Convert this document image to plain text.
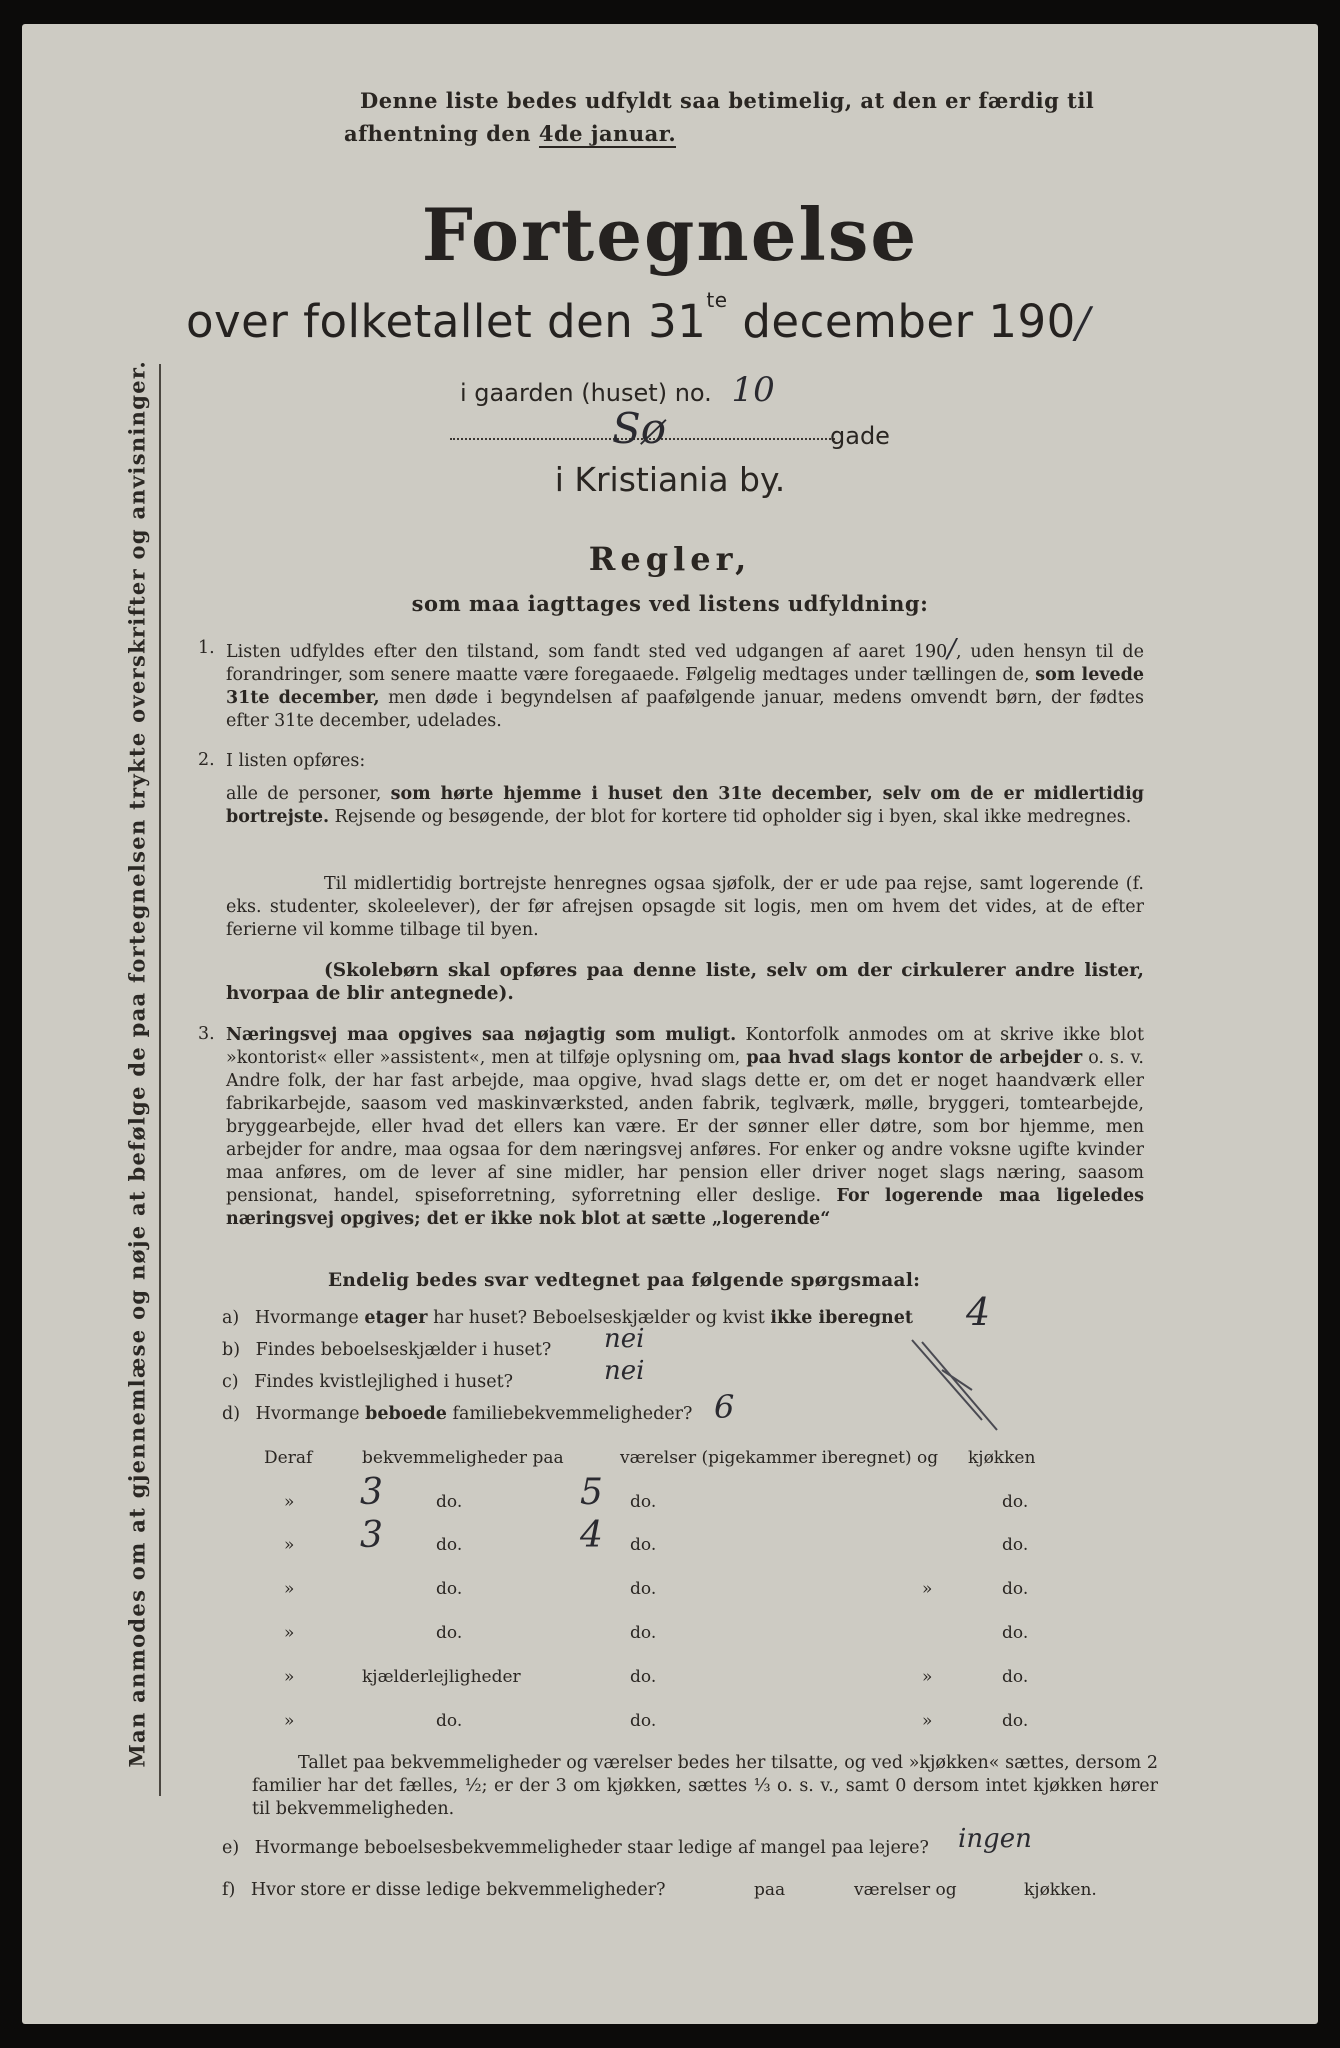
Man anmodes om at gjennemlæse og nøje at befølge de paa fortegnelsen trykte overskrifter og anvisninger.
Denne liste bedes udfyldt saa betimelig, at den er færdig til
afhentning den 4de januar.
Fortegnelse
over folketallet den $31^{te}$ december 190/
i gaarden (huset) no. 10
Sø	gade
i Kristiania by.
Regler,
som maa iagttages ved listens udfyldning:
1. Listen udfyldes efter den tilstand, som fandt sted ved udgangen af aaret 190/, uden hensyn til de forandringer, som senere maatte være foregaaede. Følgelig medtages under tællingen de, som levede 31te december, men døde i begyndelsen af paafølgende januar, medens omvendt børn, der fødtes efter 31te december, udelades.
2. I listen opføres:
alle de personer, som hørte hjemme i huset den 31te december, selv om de er midlertidig bortrejste. Rejsende og besøgende, der blot for kortere tid opholder sig i byen, skal ikke medregnes.
Til midlertidig bortrejste henregnes ogsaa sjøfolk, der er ude paa rejse, samt logerende (f. eks. studenter, skoleelever), der før afrejsen opsagde sit logis, men om hvem det vides, at de efter ferierne vil komme tilbage til byen.
(Skolebørn skal opføres paa denne liste, selv om der cirkulerer andre lister, hvorpaa de blir antegnede).
3. Næringsvej maa opgives saa nøjagtig som muligt. Kontorfolk anmodes om at skrive ikke blot »kontorist« eller »assistent«, men at tilføje oplysning om, paa hvad slags kontor de arbejder o. s. v. Andre folk, der har fast arbejde, maa opgive, hvad slags dette er, om det er noget haandværk eller fabrikarbejde, saasom ved maskinværksted, anden fabrik, teglværk, mølle, bryggeri, tomtearbejde, bryggearbejde, eller hvad det ellers kan være. Er der sønner eller døtre, som bor hjemme, men arbejder for andre, maa ogsaa for dem næringsvej anføres. For enker og andre voksne ugifte kvinder maa anføres, om de lever af sine midler, har pension eller driver noget slags næring, saasom pensionat, handel, spiseforretning, syforretning eller deslige. For logerende maa ligeledes næringsvej opgives; det er ikke nok blot at sætte „logerende“
Endelig bedes svar vedtegnet paa følgende spørgsmaal:
a) Hvormange etager har huset? Beboelseskjælder og kvist ikke iberegnet 4
b) Findes beboelseskjælder i huset? nei
c) Findes kvistlejlighed i huset?	nei
d) Hvormange beboede familiebekvemmeligheder? 6
Deraf	bekvemmeligheder paa	værelser (pigekammer iberegnet) og kjøkken
» 3	do.	5 do.	do.
» 3	do.	4 do.	do.
»	do.	do.	»	do.
»	do.	do.	do.
»	kjælderlejligheder	do.	»	do.
»	do.	do.	»	do.
Tallet paa bekvemmeligheder og værelser bedes her tilsatte, og ved »kjøkken« sættes, dersom 2 familier har det fælles, ½; er der 3 om kjøkken, sættes ⅓ o. s. v., samt 0 dersom intet kjøkken hører til bekvemmeligheden.
e) Hvormange beboelsesbekvemmeligheder staar ledige af mangel paa lejere? ingen
f) Hvor store er disse ledige bekvemmeligheder?	paa	værelser og	kjøkken.
